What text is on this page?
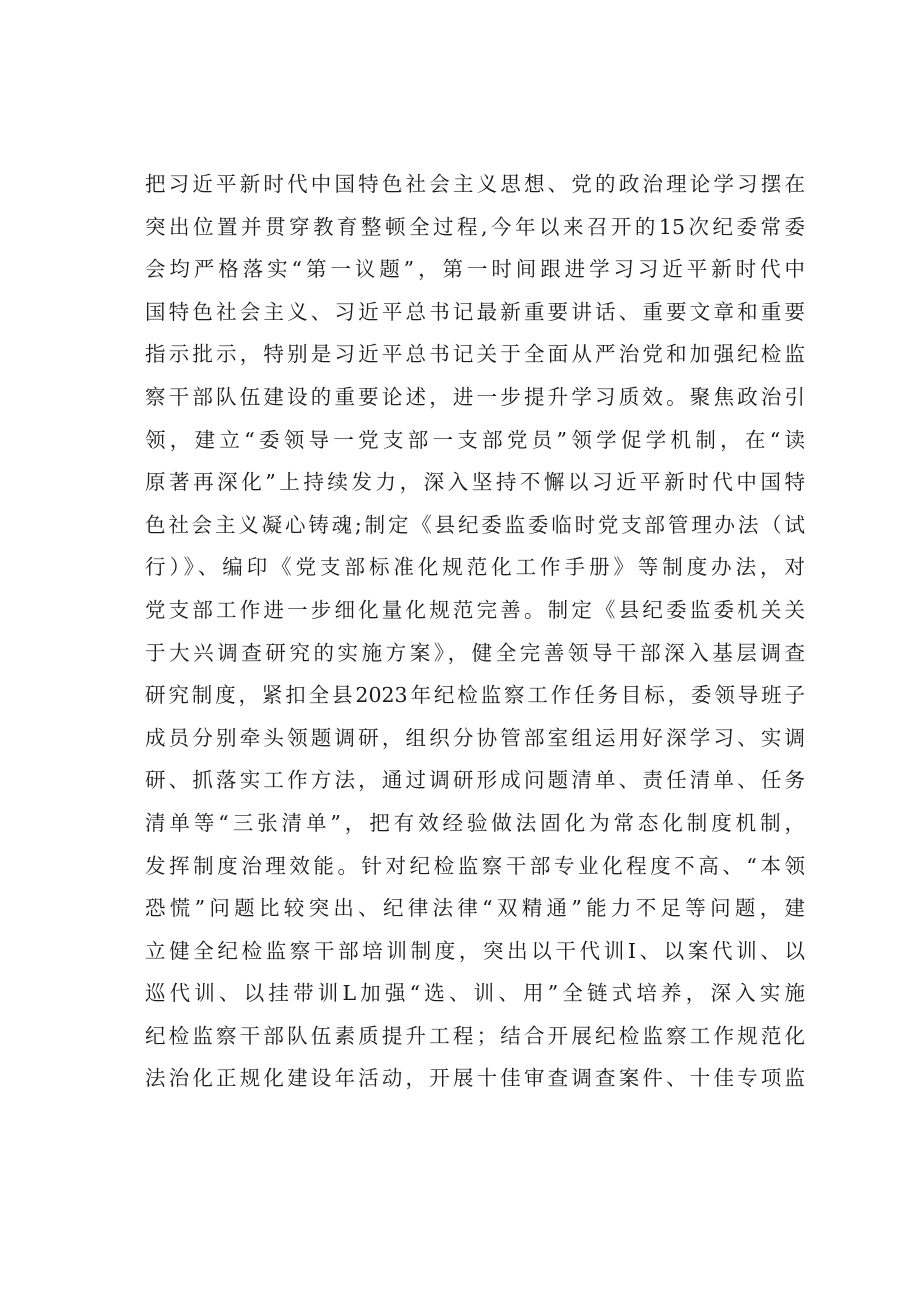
把习近平新时代中国特色社会主义思想、党的政治理论学习摆在
突出位置并贯穿教育整顿全过程,今年以来召开的15次纪委常委
会均严格落实“第一议题”，第一时间跟进学习习近平新时代中
国特色社会主义、习近平总书记最新重要讲话、重要文章和重要
指示批示，特别是习近平总书记关于全面从严治党和加强纪检监
察干部队伍建设的重要论述，进一步提升学习质效。聚焦政治引
领，建立“委领导一党支部一支部党员”领学促学机制，在“读
原著再深化”上持续发力，深入坚持不懈以习近平新时代中国特
色社会主义凝心铸魂;制定《县纪委监委临时党支部管理办法（试
行）》、编印《党支部标准化规范化工作手册》等制度办法，对
党支部工作进一步细化量化规范完善。制定《县纪委监委机关关
于大兴调查研究的实施方案》，健全完善领导干部深入基层调查
研究制度，紧扣全县2023年纪检监察工作任务目标，委领导班子
成员分别牵头领题调研，组织分协管部室组运用好深学习、实调
研、抓落实工作方法，通过调研形成问题清单、责任清单、任务
清单等“三张清单”，把有效经验做法固化为常态化制度机制，
发挥制度治理效能。针对纪检监察干部专业化程度不高、“本领
恐慌”问题比较突出、纪律法律“双精通”能力不足等问题，建
立健全纪检监察干部培训制度，突出以干代训I、以案代训、以
巡代训、以挂带训L加强“选、训、用”全链式培养，深入实施
纪检监察干部队伍素质提升工程；结合开展纪检监察工作规范化
法治化正规化建设年活动，开展十佳审查调查案件、十佳专项监
